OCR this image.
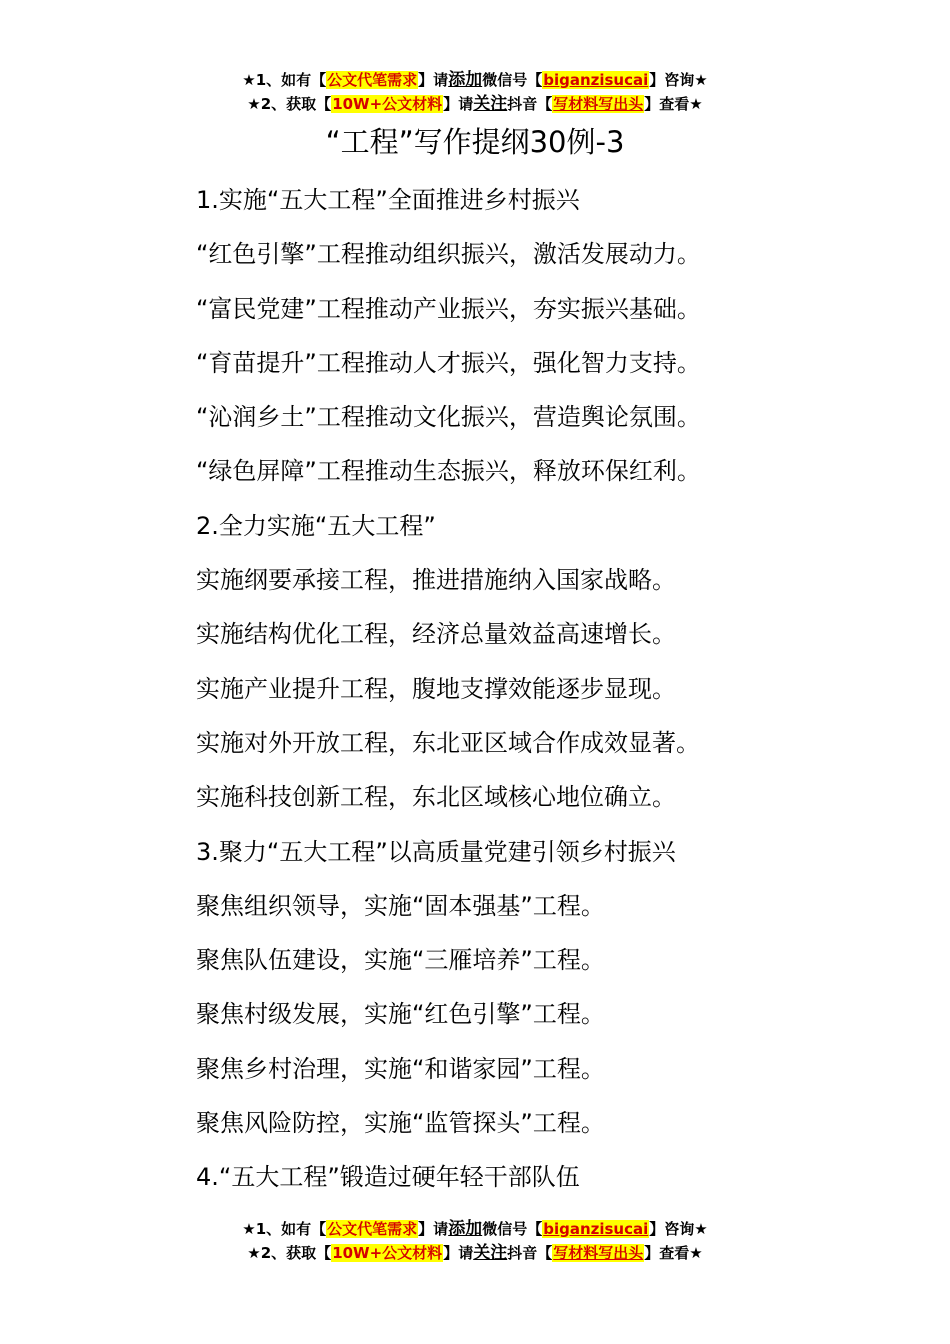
★1、如有【公文代笔需求】请添加微信号【biganzisucai】咨询★
★2、获取【10W+公文材料】请关注抖音【写材料写出头】查看★
“工程”写作提纲30例-3
1.实施“五大工程”全面推进乡村振兴
“红色引擎”工程推动组织振兴，激活发展动力。
“富民党建”工程推动产业振兴，夯实振兴基础。
“育苗提升”工程推动人才振兴，强化智力支持。
“沁润乡土”工程推动文化振兴，营造舆论氛围。
“绿色屏障”工程推动生态振兴，释放环保红利。
2.全力实施“五大工程”
实施纲要承接工程，推进措施纳入国家战略。
实施结构优化工程，经济总量效益高速增长。
实施产业提升工程，腹地支撑效能逐步显现。
实施对外开放工程，东北亚区域合作成效显著。
实施科技创新工程，东北区域核心地位确立。
3.聚力“五大工程”以高质量党建引领乡村振兴
聚焦组织领导，实施“固本强基”工程。
聚焦队伍建设，实施“三雁培养”工程。
聚焦村级发展，实施“红色引擎”工程。
聚焦乡村治理，实施“和谐家园”工程。
聚焦风险防控，实施“监管探头”工程。
4.“五大工程”锻造过硬年轻干部队伍
★1、如有【公文代笔需求】请添加微信号【biganzisucai】咨询★
★2、获取【10W+公文材料】请关注抖音【写材料写出头】查看★
